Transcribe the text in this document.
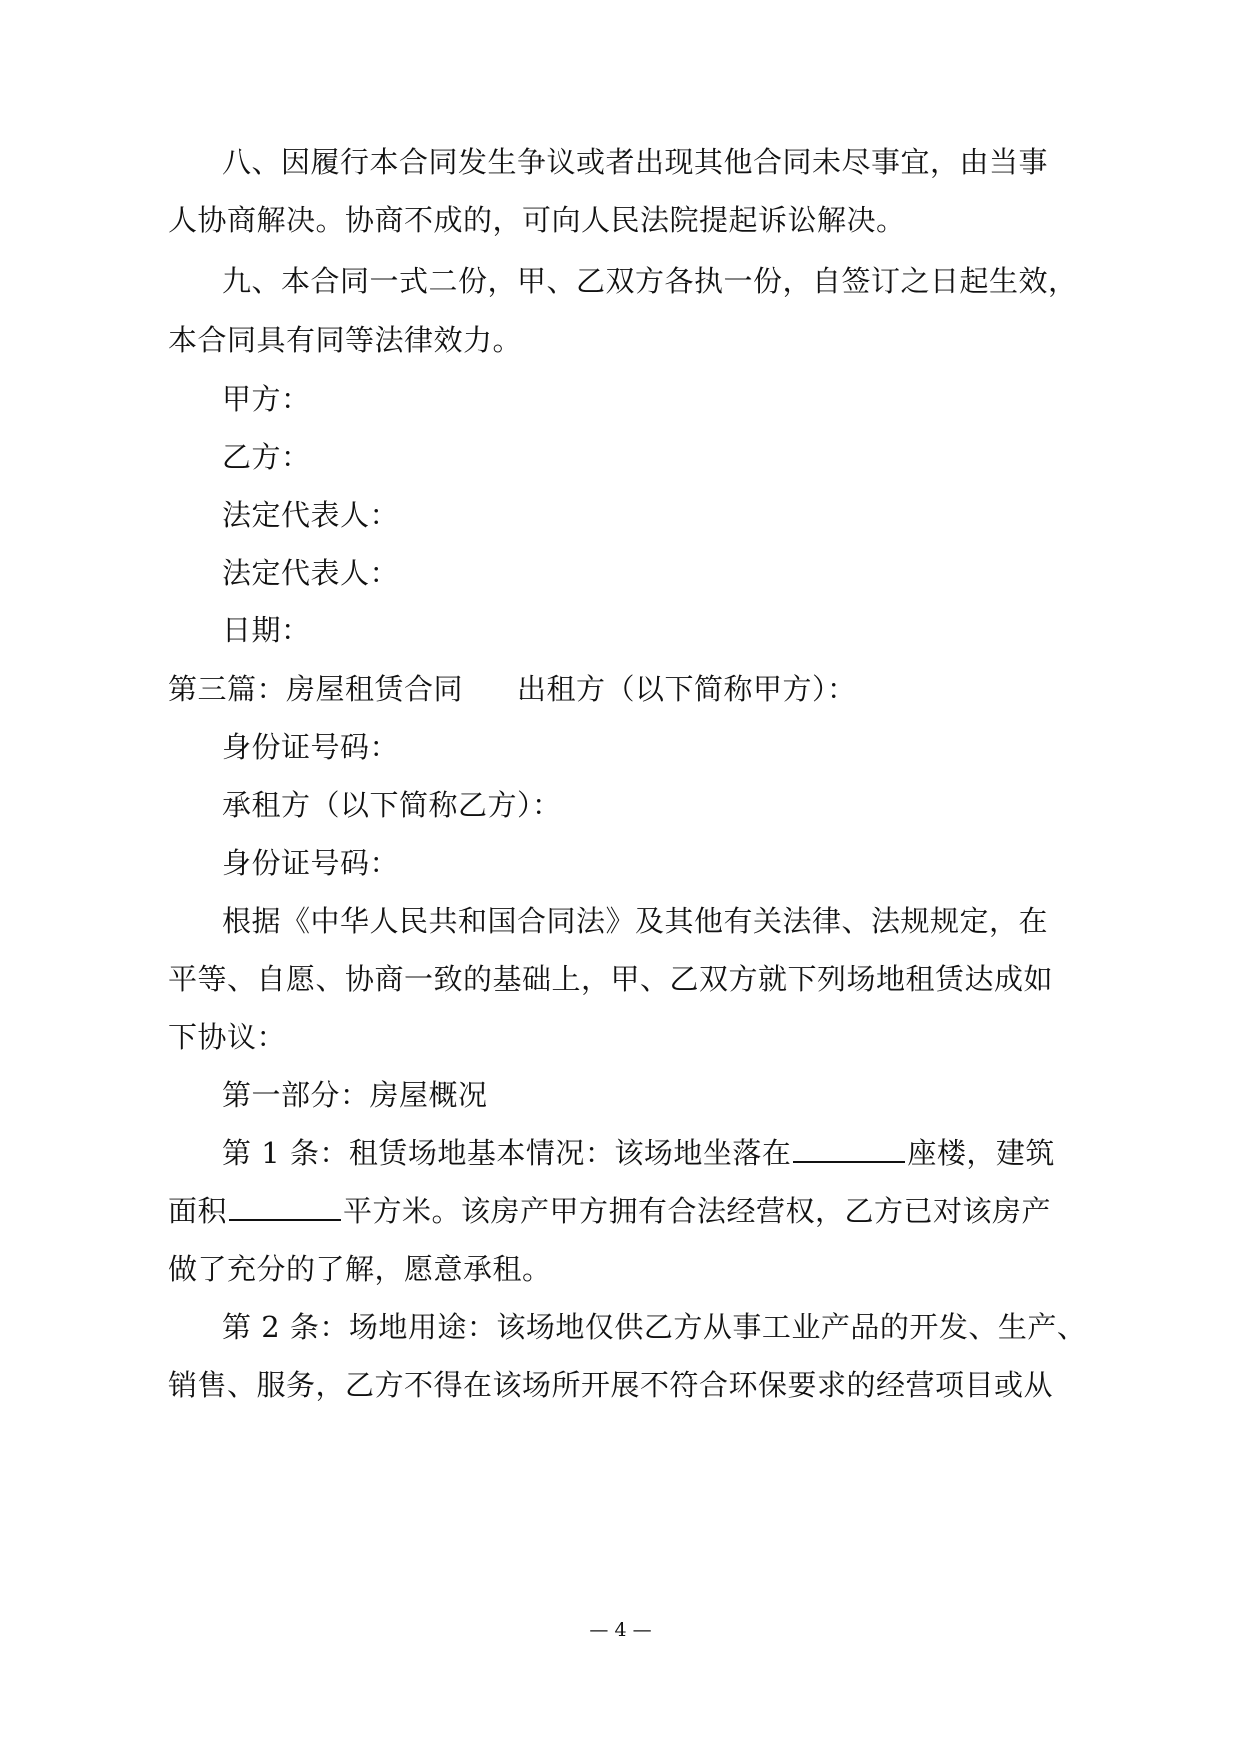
八、因履行本合同发生争议或者出现其他合同未尽事宜，由当事
人协商解决。协商不成的，可向人民法院提起诉讼解决。
九、本合同一式二份，甲、乙双方各执一份，自签订之日起生效，
本合同具有同等法律效力。
甲方：
乙方：
法定代表人：
法定代表人：
日期：
第三篇：房屋租赁合同 出租方（以下简称甲方）：
身份证号码：
承租方（以下简称乙方）：
身份证号码：
根据《中华人民共和国合同法》及其他有关法律、法规规定，在
平等、自愿、协商一致的基础上，甲、乙双方就下列场地租赁达成如
下协议：
第一部分：房屋概况
第 1 条：租赁场地基本情况：该场地坐落在	座楼，建筑
面积	平方米。该房产甲方拥有合法经营权，乙方已对该房产
做了充分的了解，愿意承租。
第 2 条：场地用途：该场地仅供乙方从事工业产品的开发、生产、
销售、服务，乙方不得在该场所开展不符合环保要求的经营项目或从
— 4 —
